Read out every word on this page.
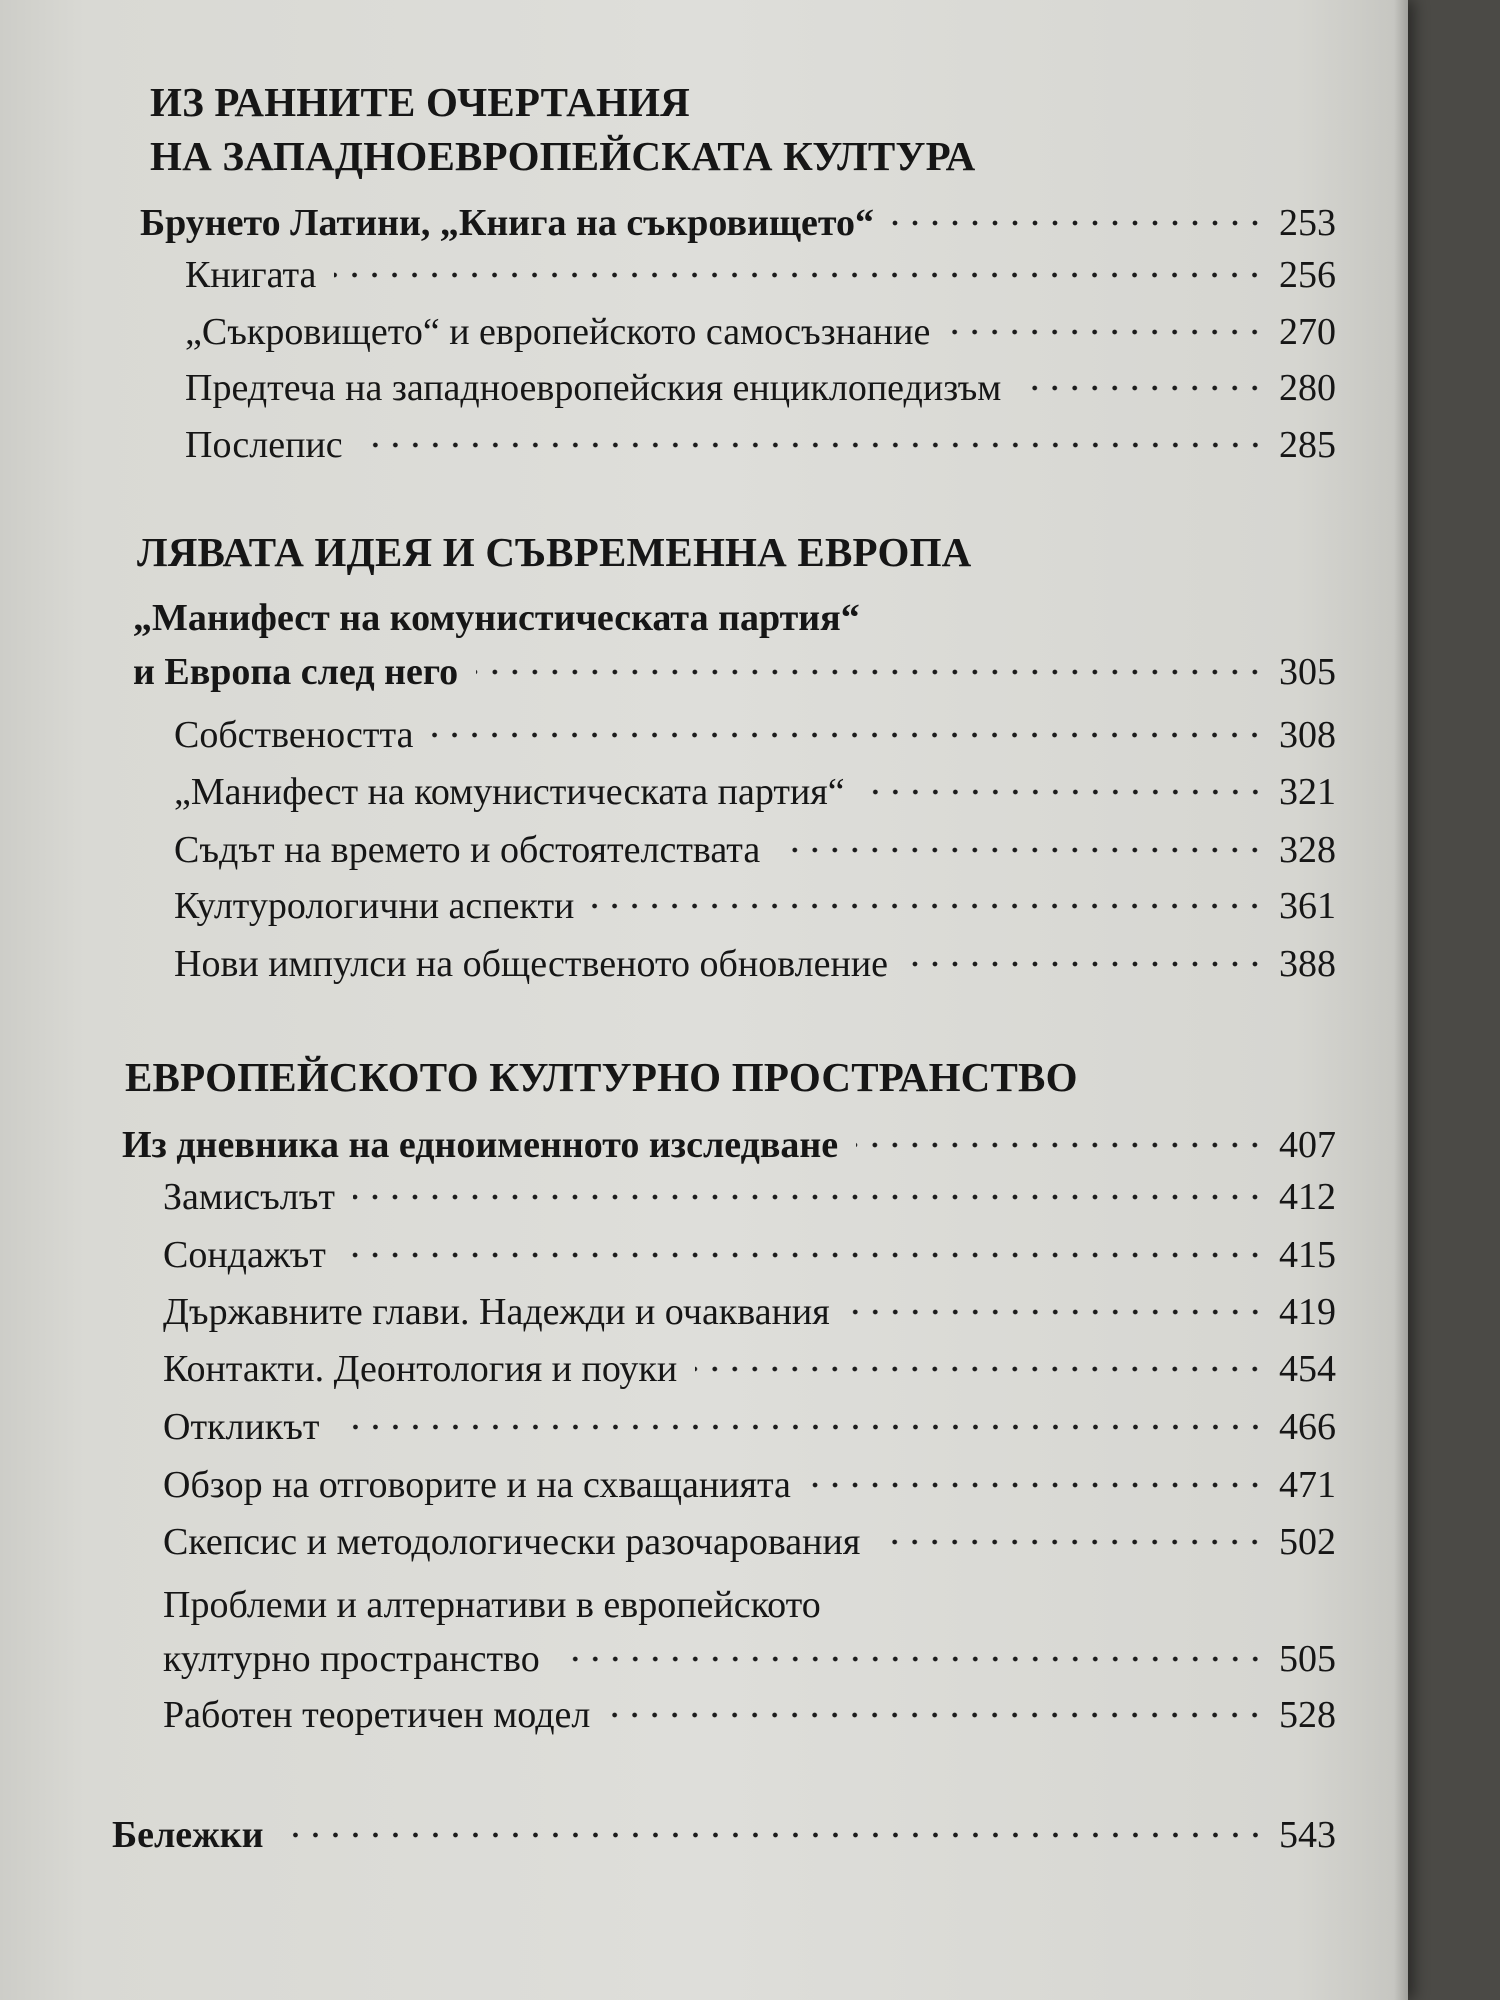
ИЗ РАННИТЕ ОЧЕРТАНИЯ
НА ЗАПАДНОЕВРОПЕЙСКАТА КУЛТУРА
Брунето Латини, „Книга на съкровището“	253
Книгата	256
„Съкровището“ и европейското самосъзнание	270
Предтеча на западноевропейския енциклопедизъм	280
Послепис	285
ЛЯВАТА ИДЕЯ И СЪВРЕМЕННА ЕВРОПА
„Манифест на комунистическата партия“
и Европа след него	305
Собствеността	308
„Манифест на комунистическата партия“	321
Съдът на времето и обстоятелствата	328
Културологични аспекти	361
Нови импулси на общественото обновление	388
ЕВРОПЕЙСКОТО КУЛТУРНО ПРОСТРАНСТВО
Из дневника на едноименното изследване	407
Замисълът	412
Сондажът	415
Държавните глави. Надежди и очаквания	419
Контакти. Деонтология и поуки	454
Откликът	466
Обзор на отговорите и на схващанията	471
Скепсис и методологически разочарования	502
Проблеми и алтернативи в европейското
културно пространство	505
Работен теоретичен модел	528
Бележки	543
